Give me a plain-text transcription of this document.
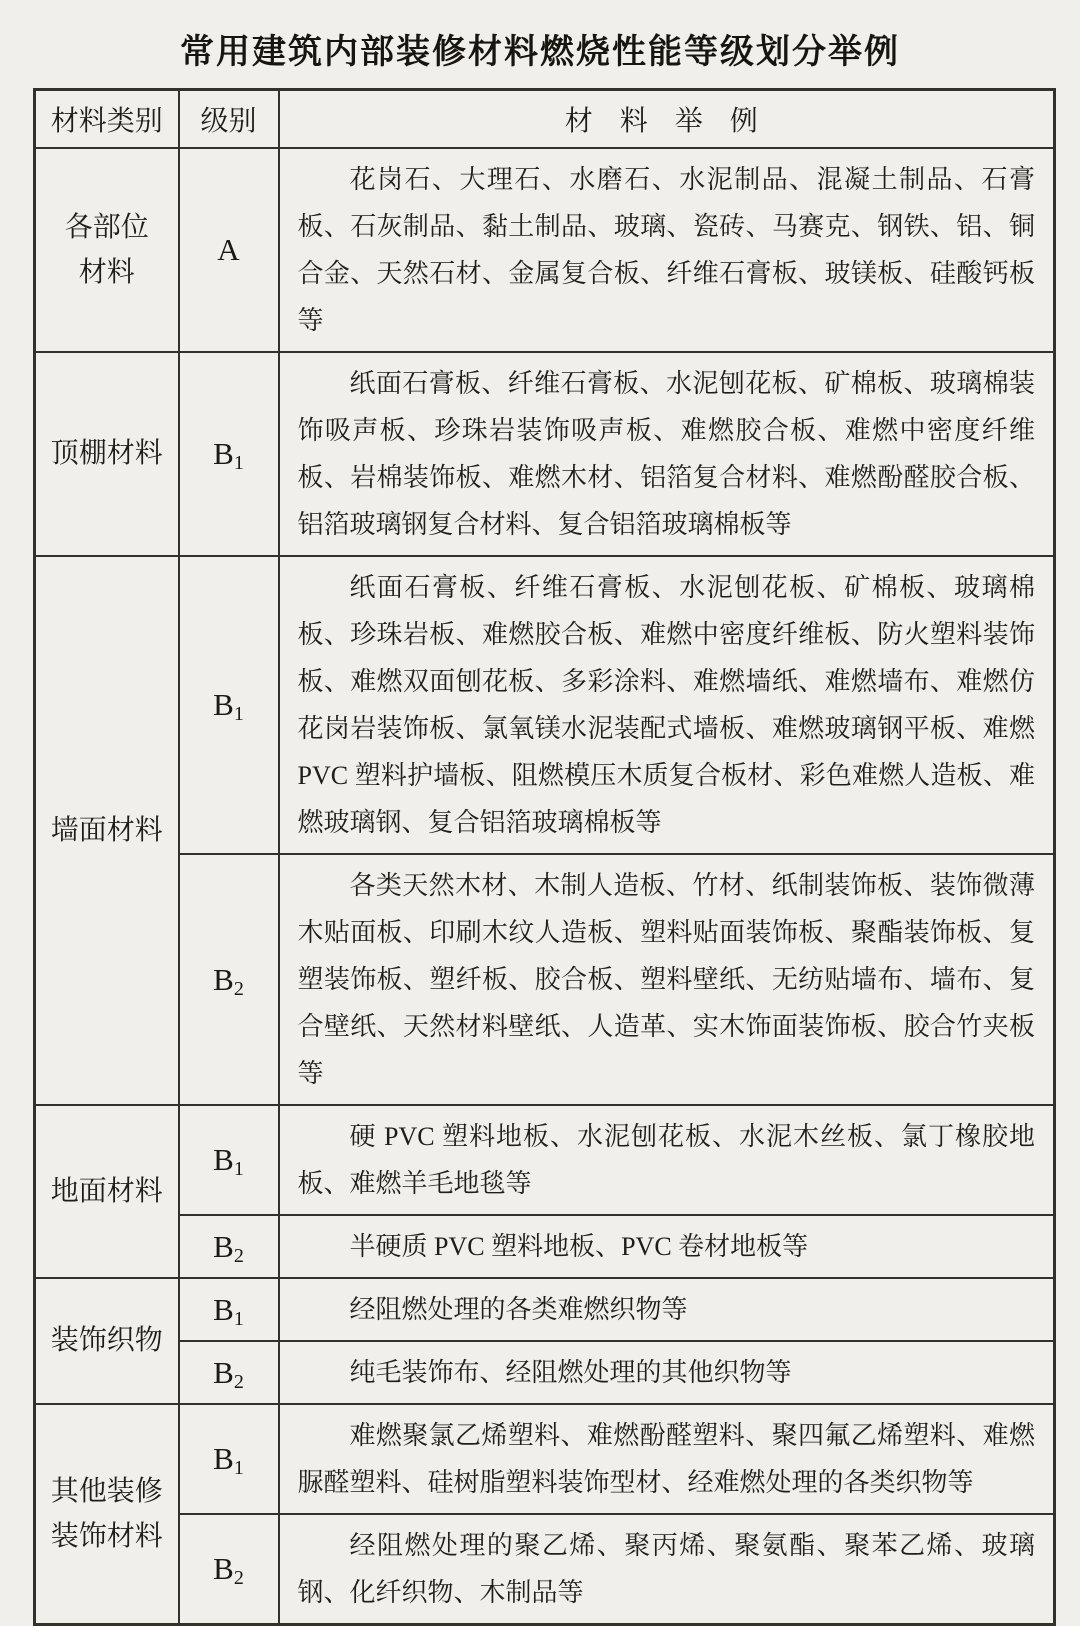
常用建筑内部装修材料燃烧性能等级划分举例
材料类别	级别	材 料 举 例

各部位
材料	A	花岗石、大理石、水磨石、水泥制品、混凝土制品、石膏板、石灰制品、黏土制品、玻璃、瓷砖、马赛克、钢铁、铝、铜合金、天然石材、金属复合板、纤维石膏板、玻镁板、硅酸钙板等

顶棚材料	$B_1$	纸面石膏板、纤维石膏板、水泥刨花板、矿棉板、玻璃棉装饰吸声板、珍珠岩装饰吸声板、难燃胶合板、难燃中密度纤维板、岩棉装饰板、难燃木材、铝箔复合材料、难燃酚醛胶合板、铝箔玻璃钢复合材料、复合铝箔玻璃棉板等

墙面材料	$B_1$	纸面石膏板、纤维石膏板、水泥刨花板、矿棉板、玻璃棉板、珍珠岩板、难燃胶合板、难燃中密度纤维板、防火塑料装饰板、难燃双面刨花板、多彩涂料、难燃墙纸、难燃墙布、难燃仿花岗岩装饰板、氯氧镁水泥装配式墙板、难燃玻璃钢平板、难燃 PVC 塑料护墙板、阻燃模压木质复合板材、彩色难燃人造板、难燃玻璃钢、复合铝箔玻璃棉板等
	$B_2$	各类天然木材、木制人造板、竹材、纸制装饰板、装饰微薄木贴面板、印刷木纹人造板、塑料贴面装饰板、聚酯装饰板、复塑装饰板、塑纤板、胶合板、塑料壁纸、无纺贴墙布、墙布、复合壁纸、天然材料壁纸、人造革、实木饰面装饰板、胶合竹夹板等

地面材料	$B_1$	硬 PVC 塑料地板、水泥刨花板、水泥木丝板、氯丁橡胶地板、难燃羊毛地毯等
	$B_2$	半硬质 PVC 塑料地板、PVC 卷材地板等

装饰织物	$B_1$	经阻燃处理的各类难燃织物等
	$B_2$	纯毛装饰布、经阻燃处理的其他织物等

其他装修
装饰材料	$B_1$	难燃聚氯乙烯塑料、难燃酚醛塑料、聚四氟乙烯塑料、难燃脲醛塑料、硅树脂塑料装饰型材、经难燃处理的各类织物等
	$B_2$	经阻燃处理的聚乙烯、聚丙烯、聚氨酯、聚苯乙烯、玻璃钢、化纤织物、木制品等
